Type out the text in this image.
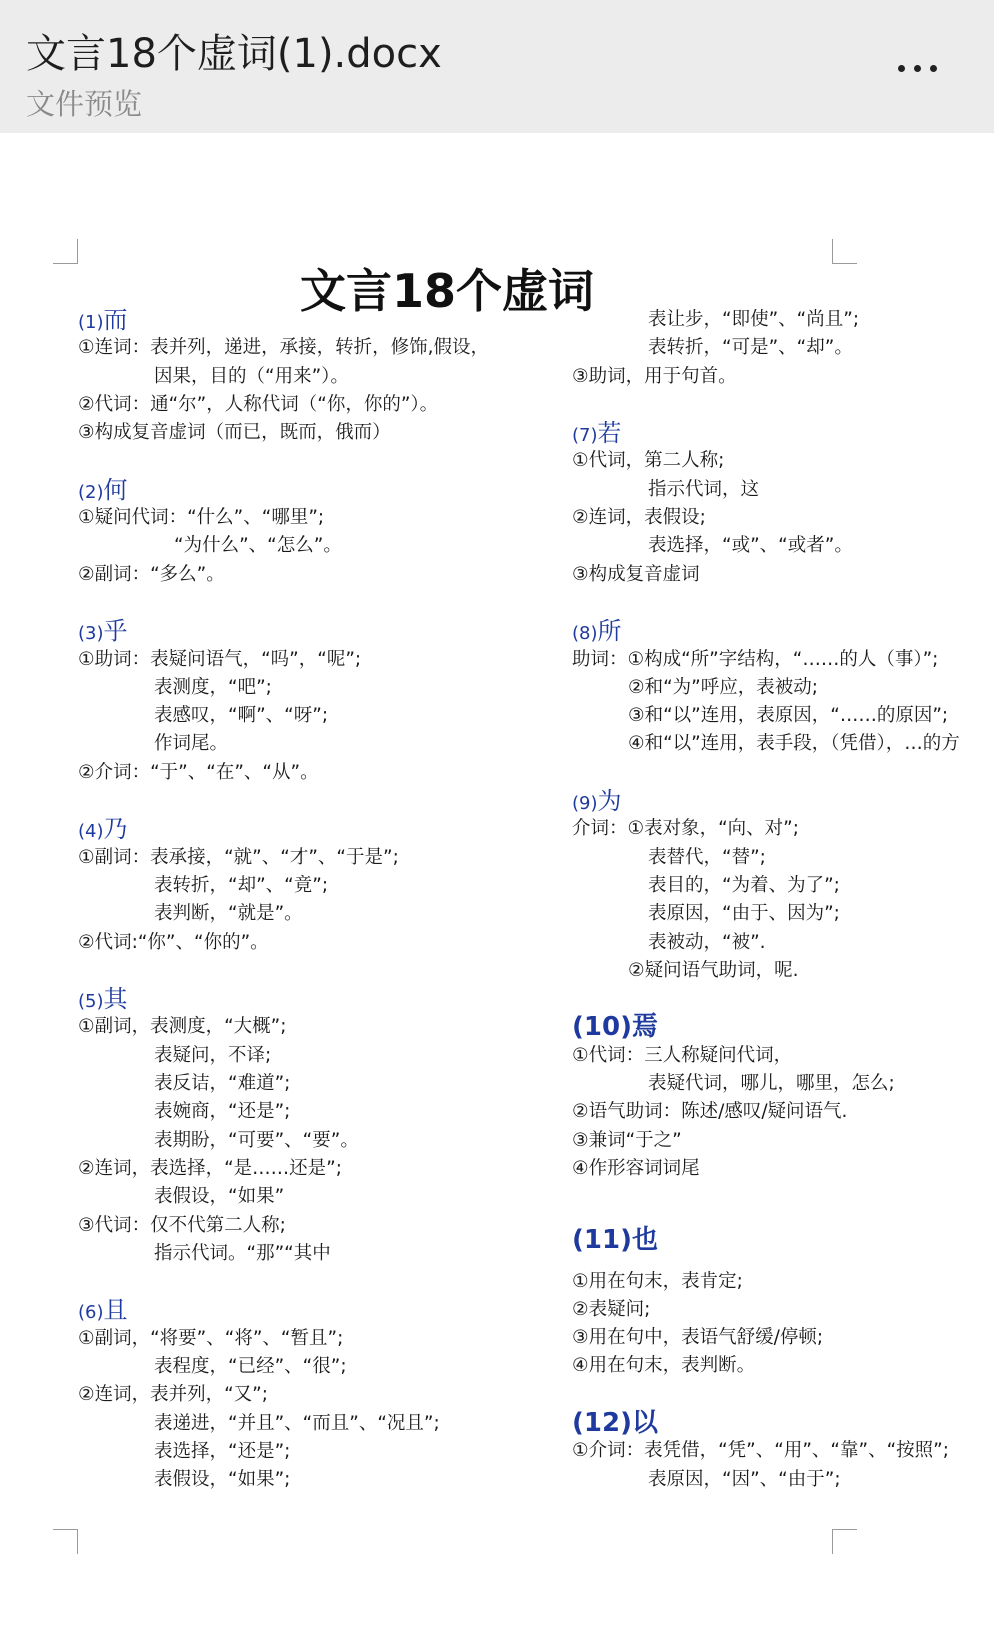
文言18个虚词(1).docx
文件预览
文言18个虚词
(1)而
①连词：表并列，递进，承接，转折，修饰,假设，
因果，目的（“用来”）。
②代词：通“尔”，人称代词（“你，你的”）。
③构成复音虚词（而已，既而，俄而）
(2)何
①疑问代词：“什么”、“哪里”;
“为什么”、“怎么”。
②副词：“多么”。
(3)乎
①助词：表疑问语气，“吗”，“呢”;
表测度，“吧”;
表感叹，“啊”、“呀”;
作词尾。
②介词：“于”、“在”、“从”。
(4)乃
①副词：表承接，“就”、“才”、“于是”;
表转折，“却”、“竟”;
表判断，“就是”。
②代词:“你”、“你的”。
(5)其
①副词，表测度，“大概”;
表疑问，不译;
表反诘，“难道”;
表婉商，“还是”;
表期盼，“可要”、“要”。
②连词，表选择，“是……还是”;
表假设，“如果”
③代词：仅不代第二人称;
指示代词。“那”“其中
(6)且
①副词，“将要”、“将”、“暂且”;
表程度，“已经”、“很”;
②连词，表并列，“又”;
表递进，“并且”、“而且”、“况且”;
表选择，“还是”;
表假设，“如果”;
表让步，“即使”、“尚且”;
表转折，“可是”、“却”。
③助词，用于句首。
(7)若
①代词，第二人称;
指示代词，这
②连词，表假设;
表选择，“或”、“或者”。
③构成复音虚词
(8)所
助词：①构成“所”字结构，“……的人（事）”;
②和“为”呼应，表被动;
③和“以”连用，表原因，“……的原因”;
④和“以”连用，表手段，（凭借），…的方
(9)为
介词：①表对象，“向、对”;
表替代，“替”;
表目的，“为着、为了”;
表原因，“由于、因为”;
表被动，“被”.
②疑问语气助词，呢.
(10)焉
①代词：三人称疑问代词，
表疑代词，哪儿，哪里，怎么;
②语气助词：陈述/感叹/疑问语气.
③兼词“于之”
④作形容词词尾
(11)也
①用在句末，表肯定;
②表疑问;
③用在句中，表语气舒缓/停顿;
④用在句末，表判断。
(12)以
①介词：表凭借，“凭”、“用”、“靠”、“按照”;
表原因，“因”、“由于”;
